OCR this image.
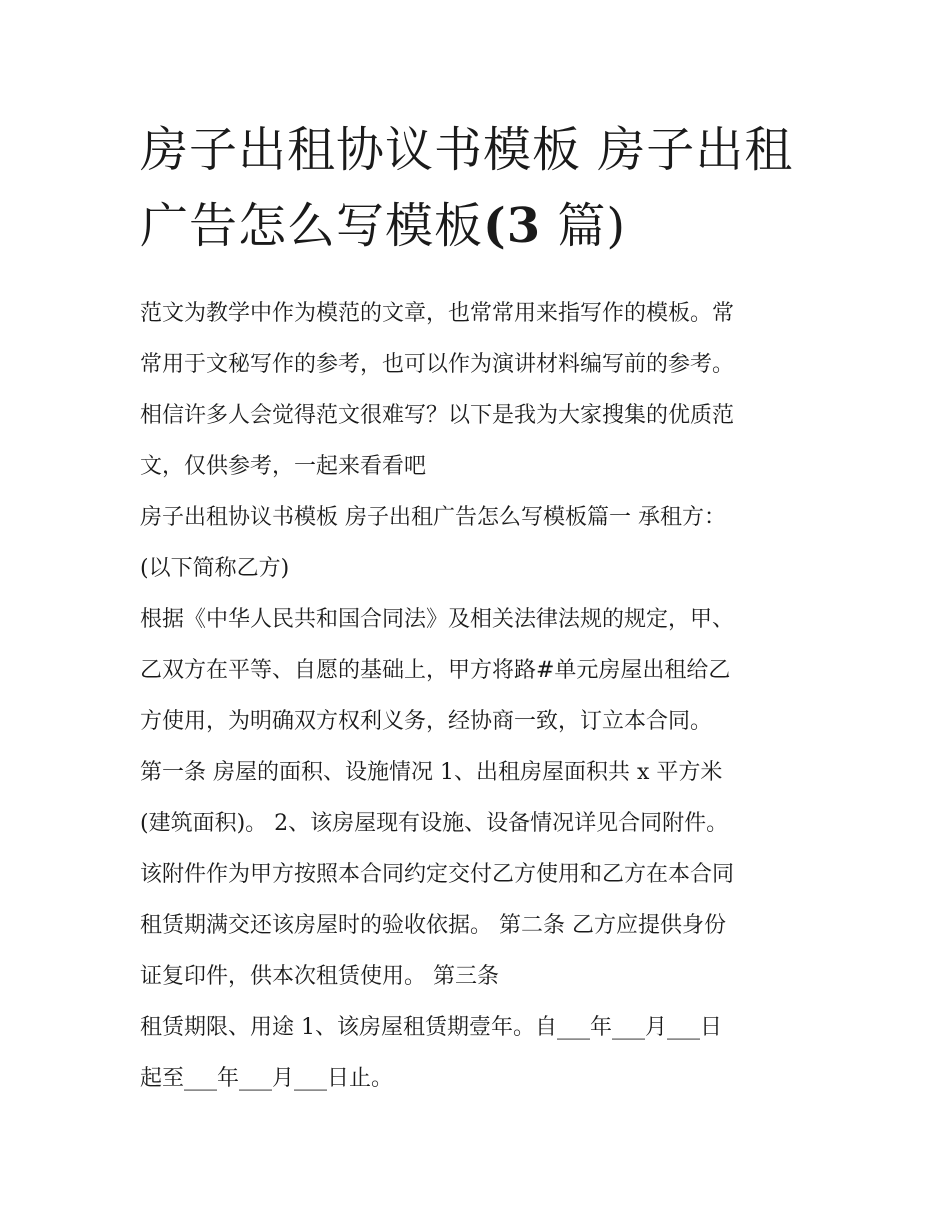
房子出租协议书模板 房子出租
广告怎么写模板(3 篇)

范文为教学中作为模范的文章，也常常用来指写作的模板。常
常用于文秘写作的参考，也可以作为演讲材料编写前的参考。
相信许多人会觉得范文很难写？以下是我为大家搜集的优质范
文，仅供参考，一起来看看吧

房子出租协议书模板 房子出租广告怎么写模板篇一 承租方：
(以下简称乙方)

根据《中华人民共和国合同法》及相关法律法规的规定，甲、
乙双方在平等、自愿的基础上，甲方将路#单元房屋出租给乙
方使用，为明确双方权利义务，经协商一致，订立本合同。
第一条 房屋的面积、设施情况 1、出租房屋面积共 x 平方米
(建筑面积)。 2、该房屋现有设施、设备情况详见合同附件。
该附件作为甲方按照本合同约定交付乙方使用和乙方在本合同
租赁期满交还该房屋时的验收依据。 第二条 乙方应提供身份
证复印件，供本次租赁使用。 第三条

租赁期限、用途 1、该房屋租赁期壹年。自___年___月___日
起至___年___月___日止。
